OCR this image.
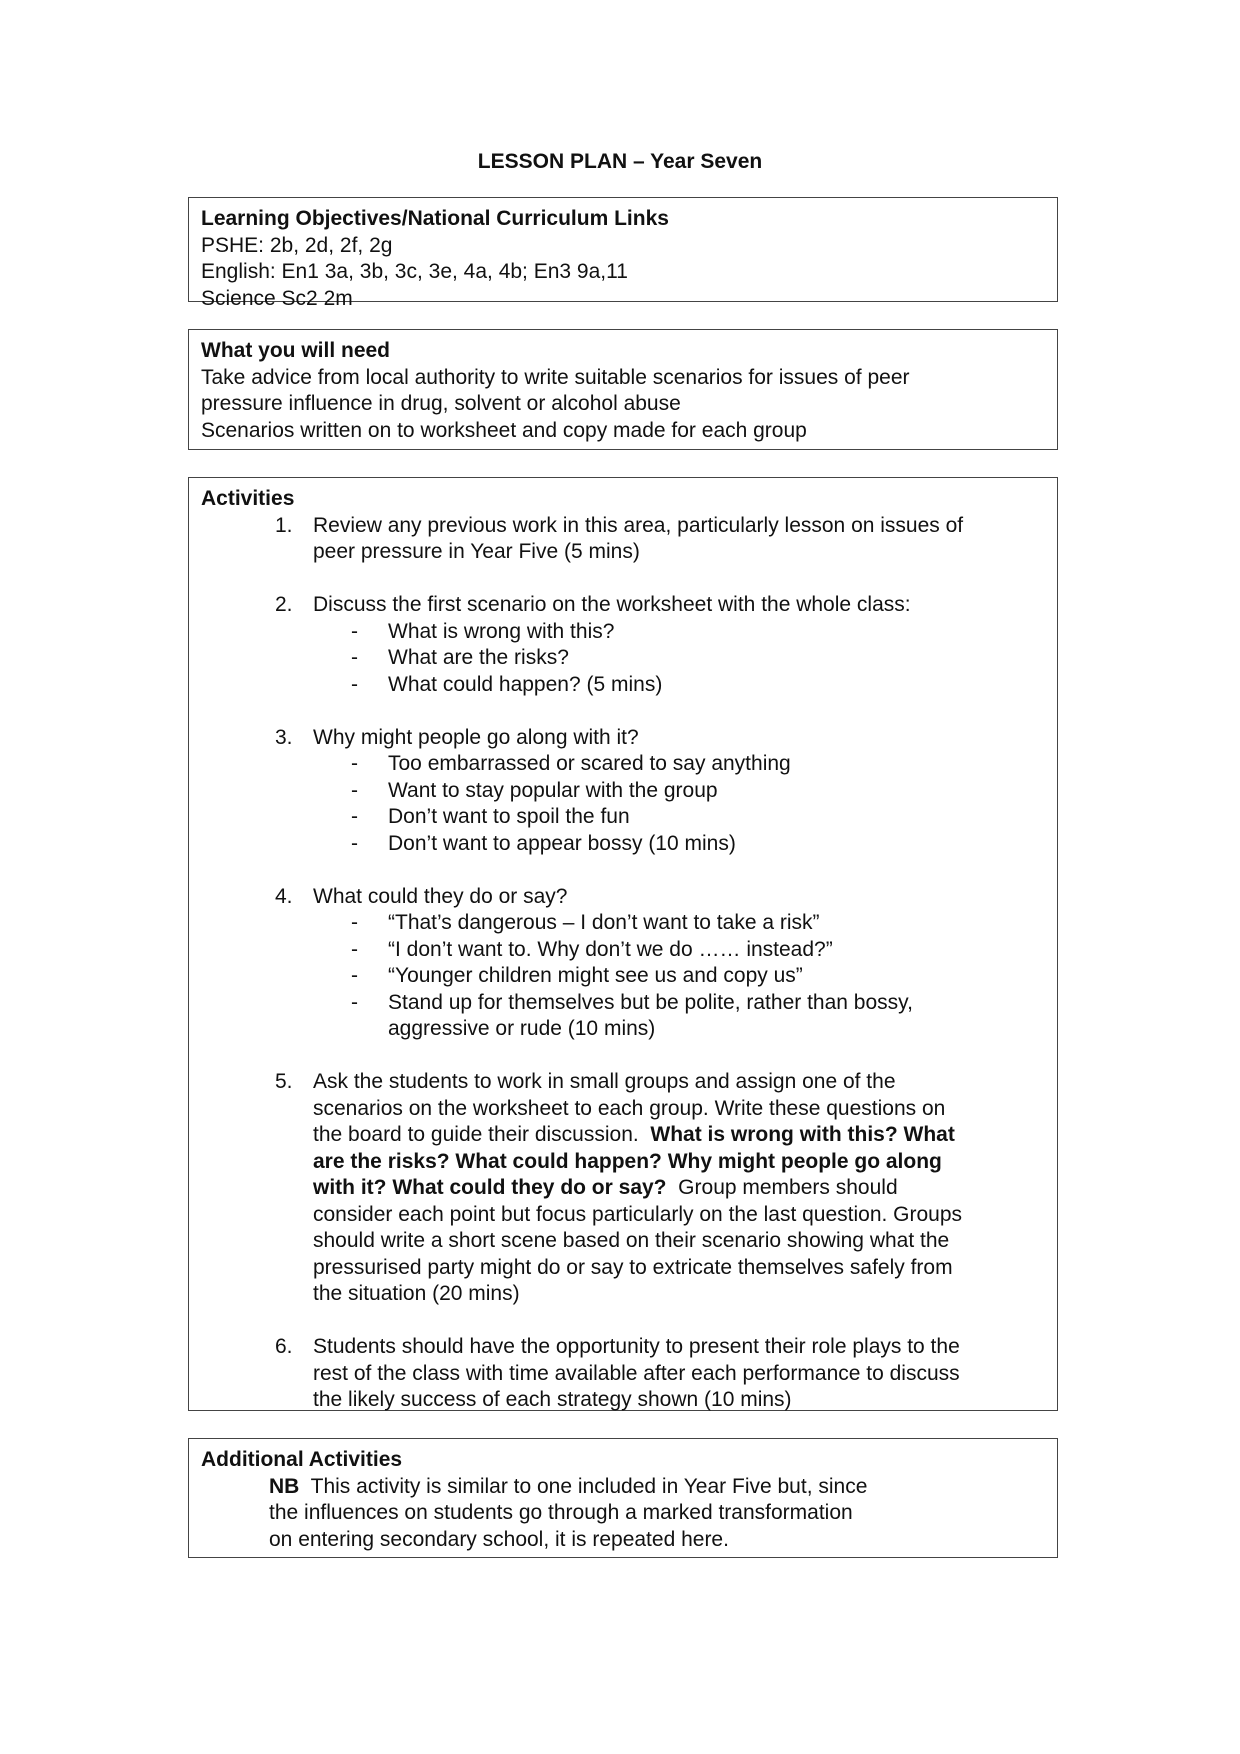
LESSON PLAN – Year Seven
Learning Objectives/National Curriculum Links
PSHE: 2b, 2d, 2f, 2g
English: En1 3a, 3b, 3c, 3e, 4a, 4b; En3 9a,11
Science Sc2 2m
What you will need
Take advice from local authority to write suitable scenarios for issues of peer
pressure influence in drug, solvent or alcohol abuse
Scenarios written on to worksheet and copy made for each group
Activities
1. Review any previous work in this area, particularly lesson on issues of
peer pressure in Year Five (5 mins)
2. Discuss the first scenario on the worksheet with the whole class:
- What is wrong with this?
- What are the risks?
- What could happen? (5 mins)
3. Why might people go along with it?
- Too embarrassed or scared to say anything
- Want to stay popular with the group
- Don’t want to spoil the fun
- Don’t want to appear bossy (10 mins)
4. What could they do or say?
- “That’s dangerous – I don’t want to take a risk”
- “I don’t want to. Why don’t we do …… instead?”
- “Younger children might see us and copy us”
- Stand up for themselves but be polite, rather than bossy,
aggressive or rude (10 mins)
5. Ask the students to work in small groups and assign one of the
scenarios on the worksheet to each group. Write these questions on
the board to guide their discussion.  What is wrong with this? What
are the risks? What could happen? Why might people go along
with it? What could they do or say?  Group members should
consider each point but focus particularly on the last question. Groups
should write a short scene based on their scenario showing what the
pressurised party might do or say to extricate themselves safely from
the situation (20 mins)
6. Students should have the opportunity to present their role plays to the
rest of the class with time available after each performance to discuss
the likely success of each strategy shown (10 mins)
Additional Activities
NB  This activity is similar to one included in Year Five but, since
the influences on students go through a marked transformation
on entering secondary school, it is repeated here.
